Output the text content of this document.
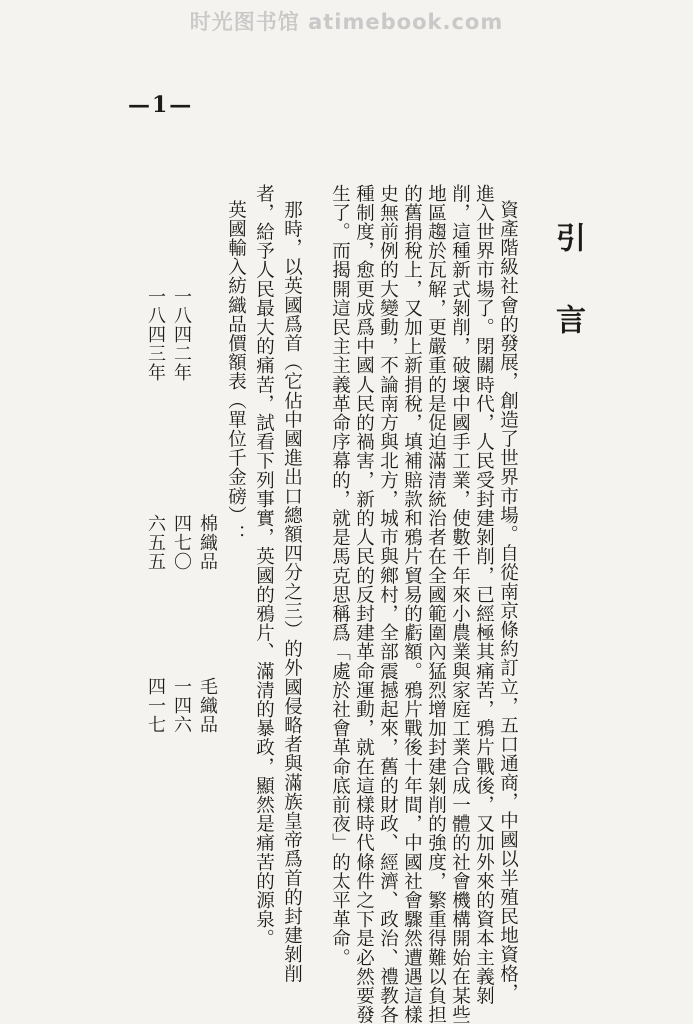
时光图书馆 atimebook.com
—1—
引言
資產階級社會的發展，創造了世界市場。自從南京條約訂立，五口通商，中國以半殖民地資格，
進入世界市場了。閉關時代，人民受封建剝削，已經極其痛苦，鴉片戰後，又加外來的資本主義剝
削，這種新式剝削，破壞中國手工業，使數千年來小農業與家庭工業合成一體的社會機構開始在某些
地區趨於瓦解，更嚴重的是促迫滿清統治者在全國範圍內猛烈增加封建剝削的強度，繁重得難以負担
的舊捐稅上，又加上新捐稅，填補賠款和鴉片貿易的虧額。鴉片戰後十年間，中國社會驟然遭遇這樣
史無前例的大變動，不論南方與北方，城市與鄉村，全部震撼起來，舊的財政、經濟、政治、禮教各
種制度，愈更成爲中國人民的禍害，新的人民的反封建革命運動，就在這樣時代條件之下是必然要發
生了。而揭開這民主主義革命序幕的，就是馬克思稱爲「處於社會革命底前夜」的太平革命。
那時，以英國爲首（它佔中國進出口總額四分之三）的外國侵略者與滿族皇帝爲首的封建剝削
者，給予人民最大的痛苦，試看下列事實，英國的鴉片、滿清的暴政，顯然是痛苦的源泉。
英國輸入紡織品價額表（單位千金磅）：
棉織品
毛織品
一八四二年
四七〇
一四六
一八四三年
六五五
四一七
